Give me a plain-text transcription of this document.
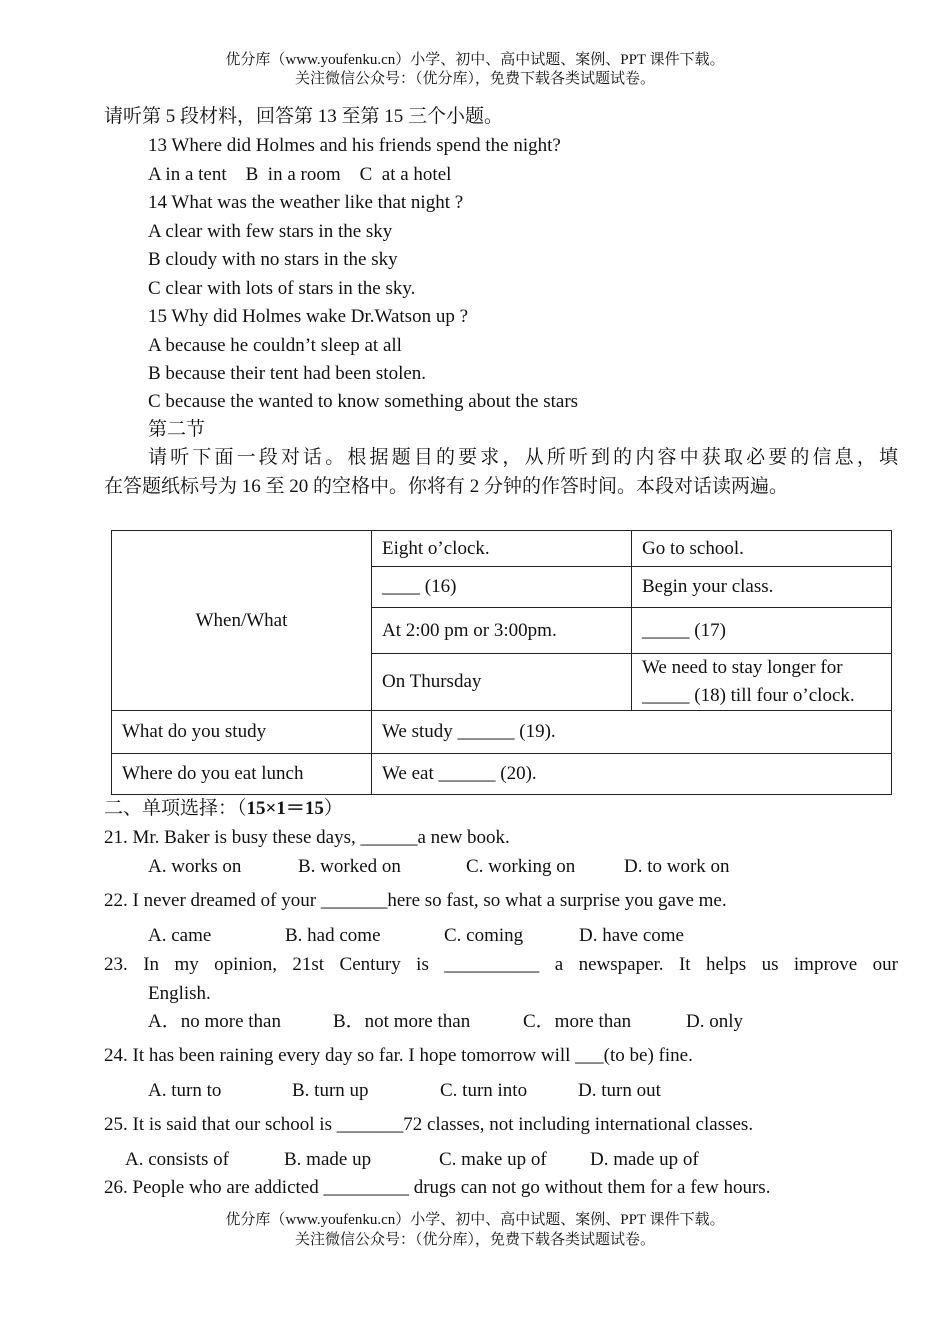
优分库（www.youfenku.cn）小学、初中、高中试题、案例、PPT 课件下载。
关注微信公众号：（优分库），免费下载各类试题试卷。
请听第 5 段材料，回答第 13 至第 15 三个小题。
13 Where did Holmes and his friends spend the night?
A in a tent    B  in a room    C  at a hotel
14 What was the weather like that night ?
A clear with few stars in the sky
B cloudy with no stars in the sky
C clear with lots of stars in the sky.
15 Why did Holmes wake Dr.Watson up ?
A because he couldn’t sleep at all
B because their tent had been stolen.
C because the wanted to know something about the stars
第二节
请听下面一段对话。根据题目的要求，从所听到的内容中获取必要的信息，填
在答题纸标号为 16 至 20 的空格中。你将有 2 分钟的作答时间。本段对话读两遍。
When/What	Eight o’clock.	Go to school.
	____ (16)	Begin your class.
	At 2:00 pm or 3:00pm.	_____ (17)
	On Thursday	We need to stay longer for
_____ (18) till four o’clock.

What do you study	We study ______ (19).	
Where do you eat lunch	We eat ______ (20).	
二、单项选择：（15×1＝15）
21. Mr. Baker is busy these days, ______a new book.
A. works on	B. worked on	C. working on	D. to work on
22. I never dreamed of your _______here so fast, so what a surprise you gave me.
A. came	B. had come	C. coming	D. have come
23. In my opinion, 21st Century is __________ a newspaper. It helps us improve our
English.
A．no more than	B．not more than	C．more than	D. only
24. It has been raining every day so far. I hope tomorrow will ___(to be) fine.
A. turn to	B. turn up	C. turn into	D. turn out
25. It is said that our school is _______72 classes, not including international classes.
A. consists of	B. made up	C. make up of D. made up of
26. People who are addicted _________ drugs can not go without them for a few hours.
优分库（www.youfenku.cn）小学、初中、高中试题、案例、PPT 课件下载。
关注微信公众号：（优分库），免费下载各类试题试卷。
